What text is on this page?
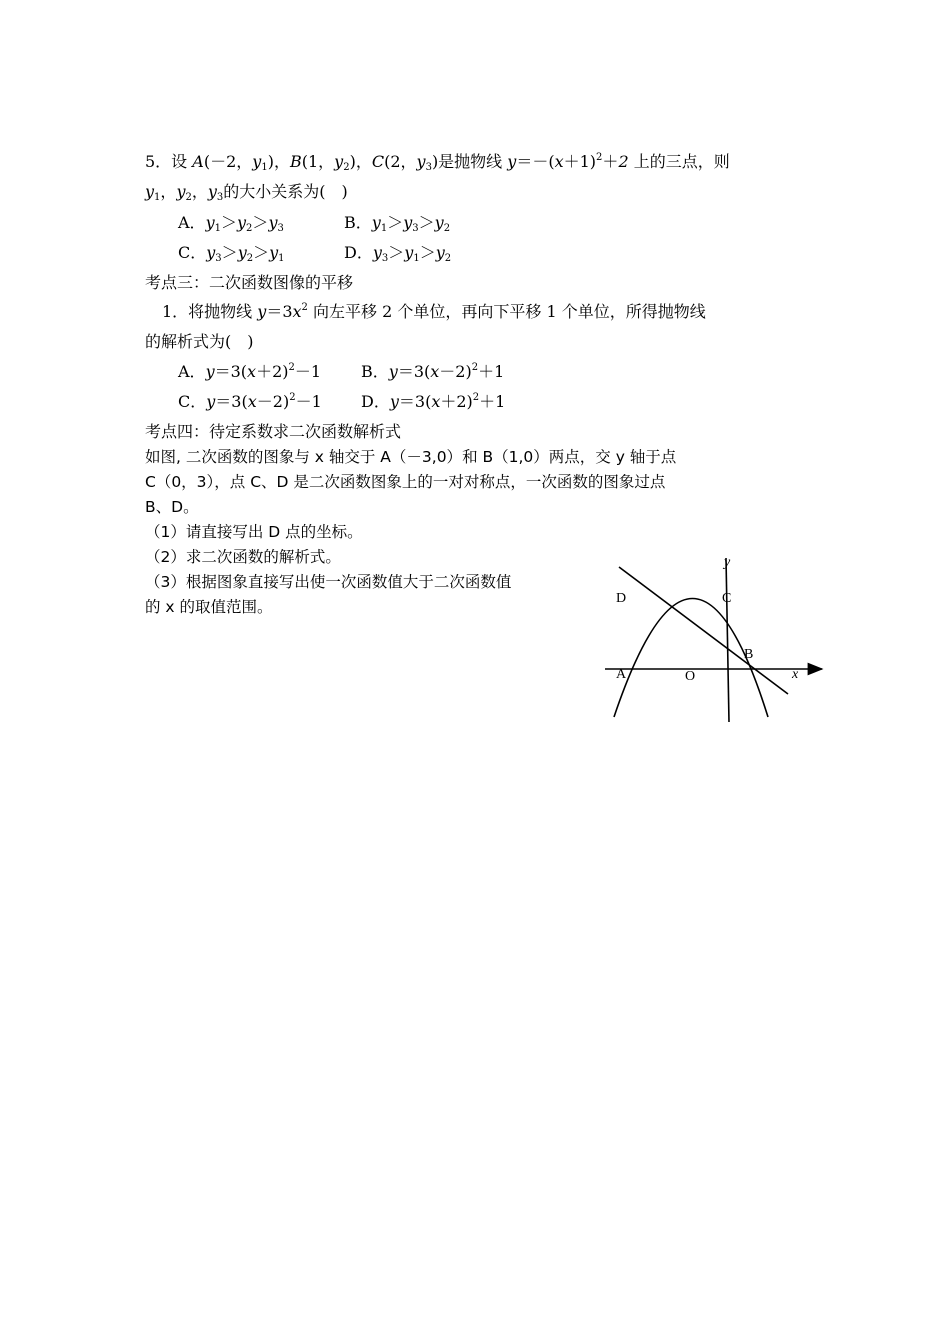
5．设 A(－2，$y_1$)，B(1，$y_2$)，C(2，$y_3$)是抛物线 $y=-(x+1)^2+2$ 上的三点，则
$y_1$，$y_2$，$y_3$的大小关系为(　)
A．$y_1>y_2>y_3$	B．$y_1>y_3>y_2$
C．$y_3>y_2>y_1$	D．$y_3>y_1>y_2$
考点三：二次函数图像的平移
1．将抛物线 $y=3x^2$ 向左平移 2 个单位，再向下平移 1 个单位，所得抛物线
的解析式为(　)
A．$y=3(x+2)^2-1$ B．$y=3(x-2)^2+1$
C．$y=3(x-2)^2-1$ D．$y=3(x+2)^2+1$
考点四：待定系数求二次函数解析式
如图, 二次函数的图象与 x 轴交于 A（－3,0）和 B（1,0）两点，交 y 轴于点
C（0，3），点 C、D 是二次函数图象上的一对对称点，一次函数的图象过点
B、D。
（1）请直接写出 D 点的坐标。
（2）求二次函数的解析式。
（3）根据图象直接写出使一次函数值大于二次函数值
的 x 的取值范围。	D	C
B
A	O	x
y
